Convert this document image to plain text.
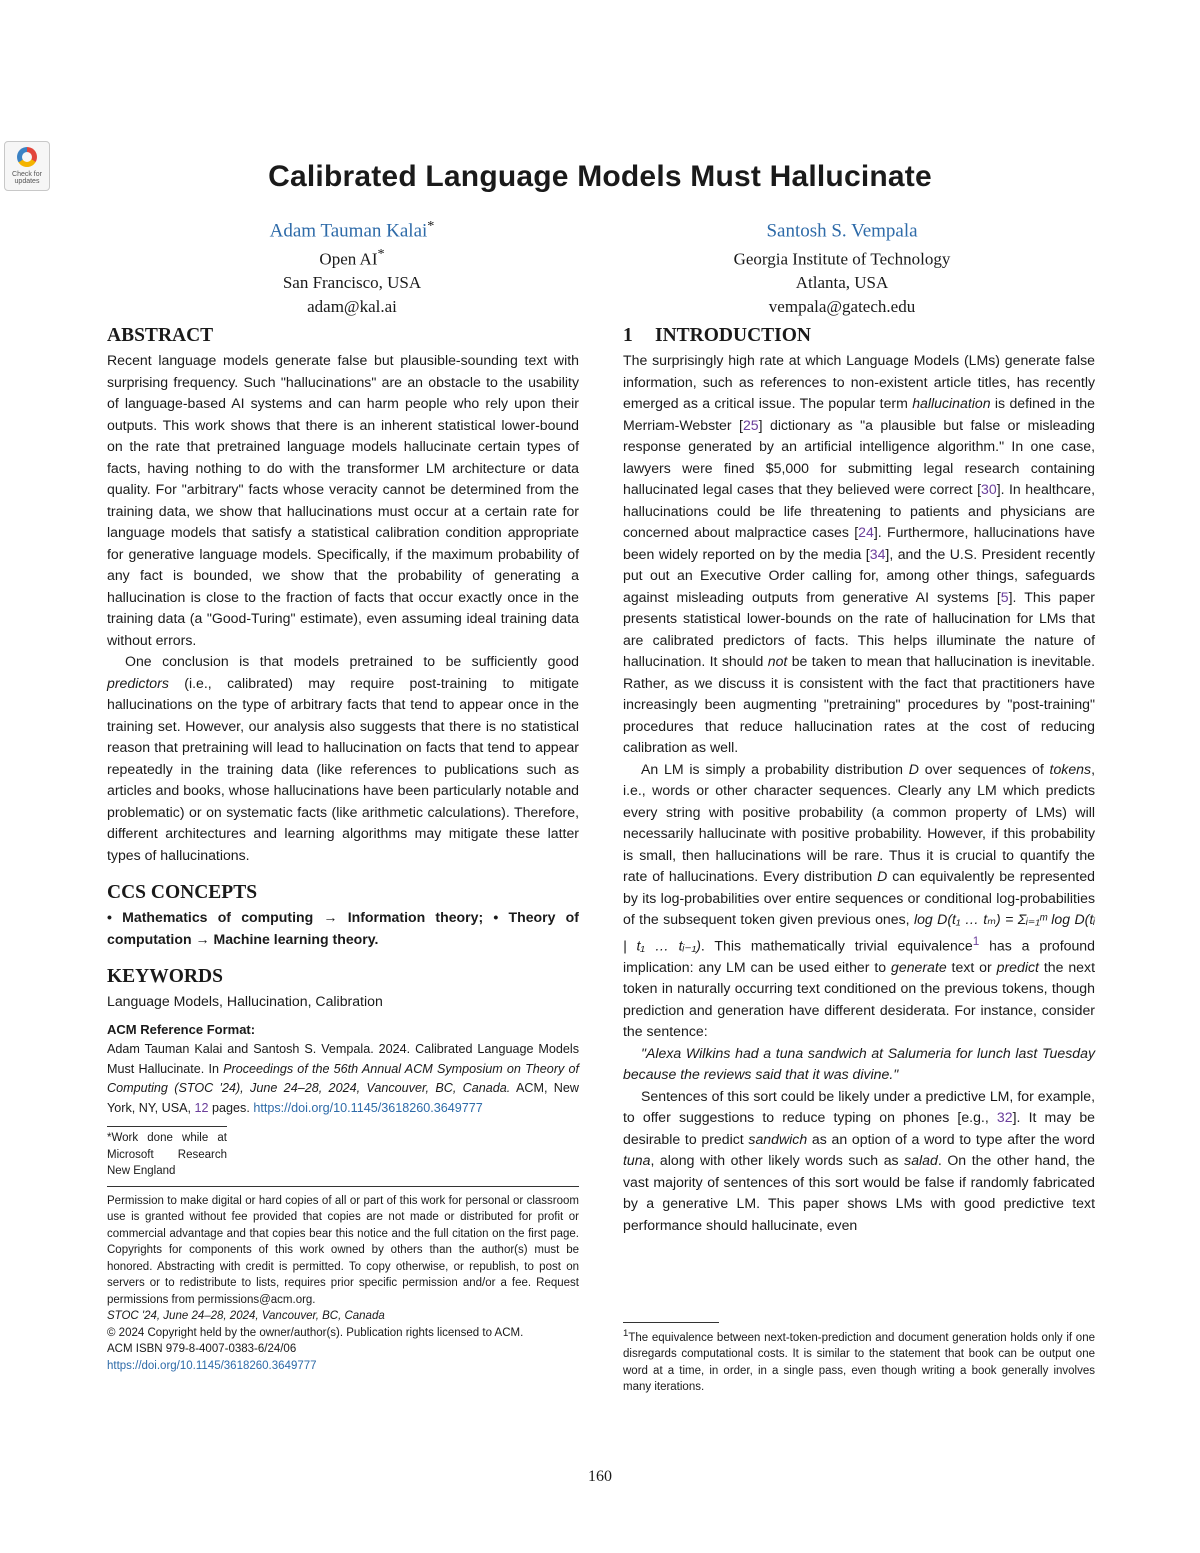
Check for updates	Calibrated Language Models Must Hallucinate
Adam Tauman Kalai*
Open AI*
San Francisco, USA
adam@kal.ai
Santosh S. Vempala
Georgia Institute of Technology
Atlanta, USA
vempala@gatech.edu
ABSTRACT

Recent language models generate false but plausible-sounding text with surprising frequency. Such "hallucinations" are an obstacle to the usability of language-based AI systems and can harm people who rely upon their outputs. This work shows that there is an inherent statistical lower-bound on the rate that pretrained language models hallucinate certain types of facts, having nothing to do with the transformer LM architecture or data quality. For "arbitrary" facts whose veracity cannot be determined from the training data, we show that hallucinations must occur at a certain rate for language models that satisfy a statistical calibration condition appropriate for generative language models. Specifically, if the maximum probability of any fact is bounded, we show that the probability of generating a hallucination is close to the fraction of facts that occur exactly once in the training data (a "Good-Turing" estimate), even assuming ideal training data without errors.

One conclusion is that models pretrained to be sufficiently good predictors (i.e., calibrated) may require post-training to mitigate hallucinations on the type of arbitrary facts that tend to appear once in the training set. However, our analysis also suggests that there is no statistical reason that pretraining will lead to hallucination on facts that tend to appear repeatedly in the training data (like references to publications such as articles and books, whose hallucinations have been particularly notable and problematic) or on systematic facts (like arithmetic calculations). Therefore, different architectures and learning algorithms may mitigate these latter types of hallucinations.

CCS CONCEPTS

• Mathematics of computing → Information theory; • Theory of computation → Machine learning theory.

KEYWORDS

Language Models, Hallucination, Calibration

ACM Reference Format:

Adam Tauman Kalai and Santosh S. Vempala. 2024. Calibrated Language Models Must Hallucinate. In Proceedings of the 56th Annual ACM Symposium on Theory of Computing (STOC '24), June 24–28, 2024, Vancouver, BC, Canada. ACM, New York, NY, USA, 12 pages. https://doi.org/10.1145/3618260.3649777

*Work done while at Microsoft Research New England

Permission to make digital or hard copies of all or part of this work for personal or classroom use is granted without fee provided that copies are not made or distributed for profit or commercial advantage and that copies bear this notice and the full citation on the first page. Copyrights for components of this work owned by others than the author(s) must be honored. Abstracting with credit is permitted. To copy otherwise, or republish, to post on servers or to redistribute to lists, requires prior specific permission and/or a fee. Request permissions from permissions@acm.org.

STOC '24, June 24–28, 2024, Vancouver, BC, Canada

© 2024 Copyright held by the owner/author(s). Publication rights licensed to ACM.

ACM ISBN 979-8-4007-0383-6/24/06

https://doi.org/10.1145/3618260.3649777

1 INTRODUCTION

The surprisingly high rate at which Language Models (LMs) generate false information, such as references to non-existent article titles, has recently emerged as a critical issue. The popular term hallucination is defined in the Merriam-Webster [25] dictionary as "a plausible but false or misleading response generated by an artificial intelligence algorithm." In one case, lawyers were fined $5,000 for submitting legal research containing hallucinated legal cases that they believed were correct [30]. In healthcare, hallucinations could be life threatening to patients and physicians are concerned about malpractice cases [24]. Furthermore, hallucinations have been widely reported on by the media [34], and the U.S. President recently put out an Executive Order calling for, among other things, safeguards against misleading outputs from generative AI systems [5]. This paper presents statistical lower-bounds on the rate of hallucination for LMs that are calibrated predictors of facts. This helps illuminate the nature of hallucination. It should not be taken to mean that hallucination is inevitable. Rather, as we discuss it is consistent with the fact that practitioners have increasingly been augmenting "pretraining" procedures by "post-training" procedures that reduce hallucination rates at the cost of reducing calibration as well.

An LM is simply a probability distribution D over sequences of tokens, i.e., words or other character sequences. Clearly any LM which predicts every string with positive probability (a common property of LMs) will necessarily hallucinate with positive probability. However, if this probability is small, then hallucinations will be rare. Thus it is crucial to quantify the rate of hallucinations. Every distribution D can equivalently be represented by its log-probabilities over entire sequences or conditional log-probabilities of the subsequent token given previous ones, log D(t₁ … tₘ) = Σᵢ₌₁ᵐ log D(tᵢ | t₁ … tᵢ₋₁). This mathematically trivial equivalence$^1$ has a profound implication: any LM can be used either to generate text or predict the next token in naturally occurring text conditioned on the previous tokens, though prediction and generation have different desiderata. For instance, consider the sentence:

"Alexa Wilkins had a tuna sandwich at Salumeria for lunch last Tuesday because the reviews said that it was divine."

Sentences of this sort could be likely under a predictive LM, for example, to offer suggestions to reduce typing on phones [e.g., 32]. It may be desirable to predict sandwich as an option of a word to type after the word tuna, along with other likely words such as salad. On the other hand, the vast majority of sentences of this sort would be false if randomly fabricated by a generative LM. This paper shows LMs with good predictive text performance should hallucinate, even

$^1$The equivalence between next-token-prediction and document generation holds only if one disregards computational costs. It is similar to the statement that book can be output one word at a time, in order, in a single pass, even though writing a book generally involves many iterations.
160
